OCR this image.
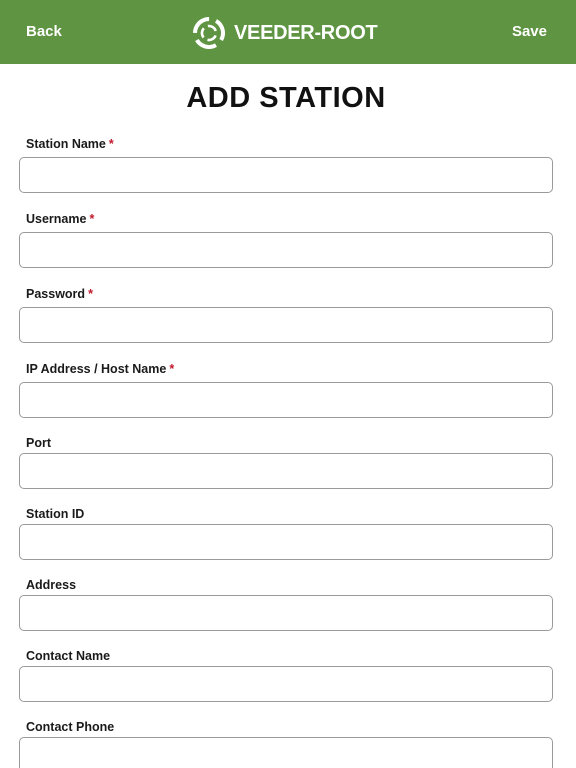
Back	VEEDER-ROOT	Save
ADD STATION
Station Name *
Username *
Password *
IP Address / Host Name *
Port
Station ID
Address
Contact Name
Contact Phone
